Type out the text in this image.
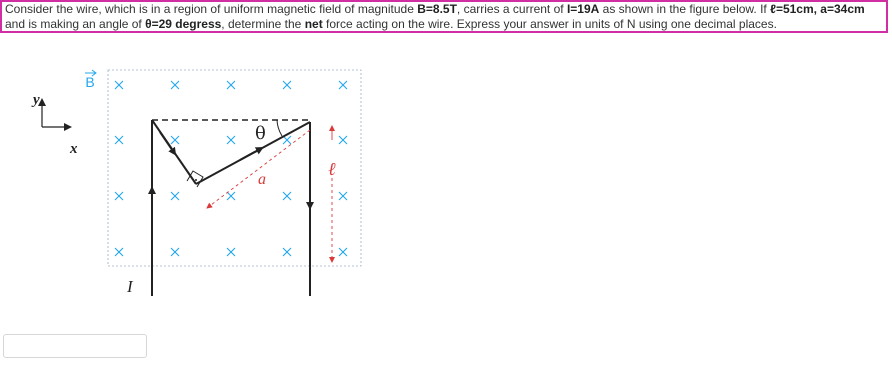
Consider the wire, which is in a region of uniform magnetic field of magnitude B=8.5T, carries a current of I=19A as shown in the figure below. If ℓ=51cm, a=34cm
and is making an angle of θ=29 degress, determine the net force acting on the wire. Express your answer in units of N using one decimal places.
B
y
x
θ
a	ℓ
I
